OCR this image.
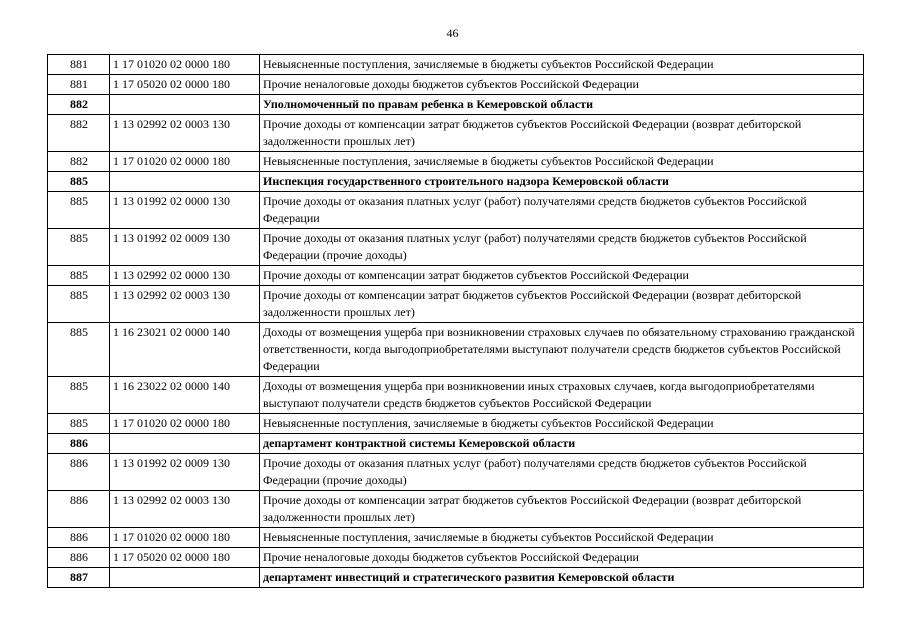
46
881	1 17 01020 02 0000 180	Невыясненные поступления, зачисляемые в бюджеты субъектов Российской Федерации
881	1 17 05020 02 0000 180	Прочие неналоговые доходы бюджетов субъектов Российской Федерации
882		Уполномоченный по правам ребенка в Кемеровской области
882	1 13 02992 02 0003 130	Прочие доходы от компенсации затрат бюджетов субъектов Российской Федерации (возврат дебиторской задолженности прошлых лет)
882	1 17 01020 02 0000 180	Невыясненные поступления, зачисляемые в бюджеты субъектов Российской Федерации
885		Инспекция государственного строительного надзора Кемеровской области
885	1 13 01992 02 0000 130	Прочие доходы от оказания платных услуг (работ) получателями средств бюджетов субъектов Российской Федерации
885	1 13 01992 02 0009 130	Прочие доходы от оказания платных услуг (работ) получателями средств бюджетов субъектов Российской Федерации (прочие доходы)
885	1 13 02992 02 0000 130	Прочие доходы от компенсации затрат бюджетов субъектов Российской Федерации
885	1 13 02992 02 0003 130	Прочие доходы от компенсации затрат бюджетов субъектов Российской Федерации (возврат дебиторской задолженности прошлых лет)
885	1 16 23021 02 0000 140	Доходы от возмещения ущерба при возникновении страховых случаев по обязательному страхованию гражданской ответственности, когда выгодоприобретателями выступают получатели средств бюджетов субъектов Российской Федерации
885	1 16 23022 02 0000 140	Доходы от возмещения ущерба при возникновении иных страховых случаев, когда выгодоприобретателями выступают получатели средств бюджетов субъектов Российской Федерации
885	1 17 01020 02 0000 180	Невыясненные поступления, зачисляемые в бюджеты субъектов Российской Федерации
886		департамент контрактной системы Кемеровской области
886	1 13 01992 02 0009 130	Прочие доходы от оказания платных услуг (работ) получателями средств бюджетов субъектов Российской Федерации (прочие доходы)
886	1 13 02992 02 0003 130	Прочие доходы от компенсации затрат бюджетов субъектов Российской Федерации (возврат дебиторской задолженности прошлых лет)
886	1 17 01020 02 0000 180	Невыясненные поступления, зачисляемые в бюджеты субъектов Российской Федерации
886	1 17 05020 02 0000 180	Прочие неналоговые доходы бюджетов субъектов Российской Федерации
887		департамент инвестиций и стратегического развития Кемеровской области
